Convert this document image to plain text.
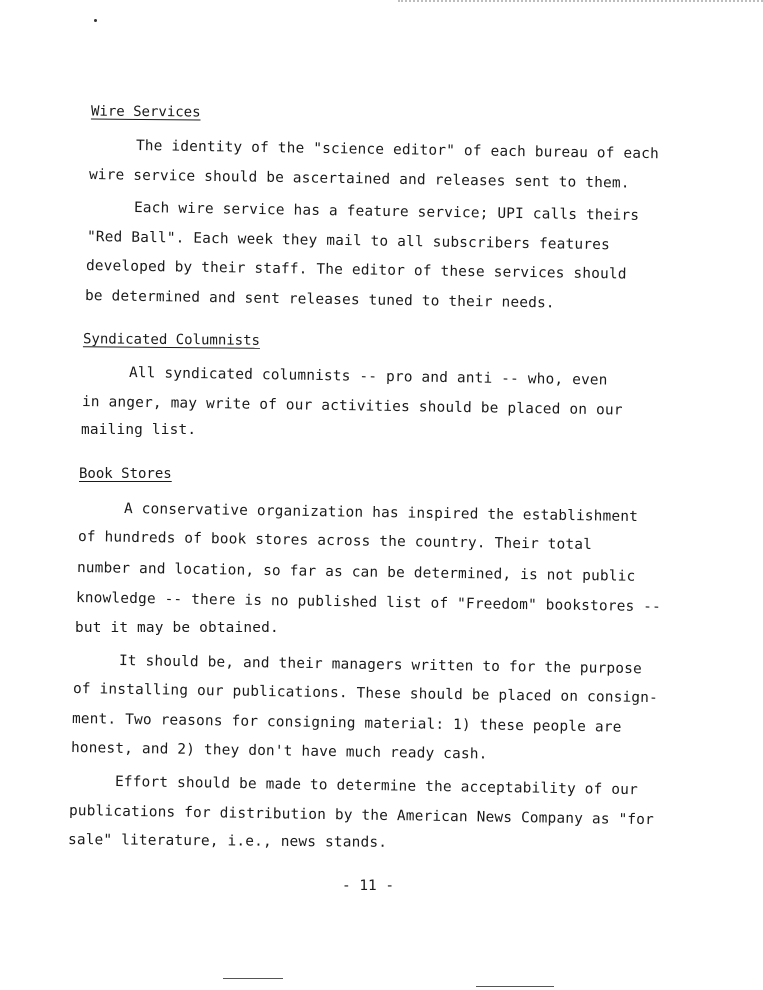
Wire Services
The identity of the "science editor" of each bureau of each
wire service should be ascertained and releases sent to them.
Each wire service has a feature service; UPI calls theirs
"Red Ball". Each week they mail to all subscribers features
developed by their staff. The editor of these services should
be determined and sent releases tuned to their needs.
Syndicated Columnists
All syndicated columnists -- pro and anti -- who, even
in anger, may write of our activities should be placed on our
mailing list.
Book Stores
A conservative organization has inspired the establishment
of hundreds of book stores across the country. Their total
number and location, so far as can be determined, is not public
knowledge -- there is no published list of "Freedom" bookstores --
but it may be obtained.
It should be, and their managers written to for the purpose
of installing our publications. These should be placed on consign-
ment. Two reasons for consigning material: 1) these people are
honest, and 2) they don't have much ready cash.
Effort should be made to determine the acceptability of our
publications for distribution by the American News Company as "for
sale" literature, i.e., news stands.
- 11 -
